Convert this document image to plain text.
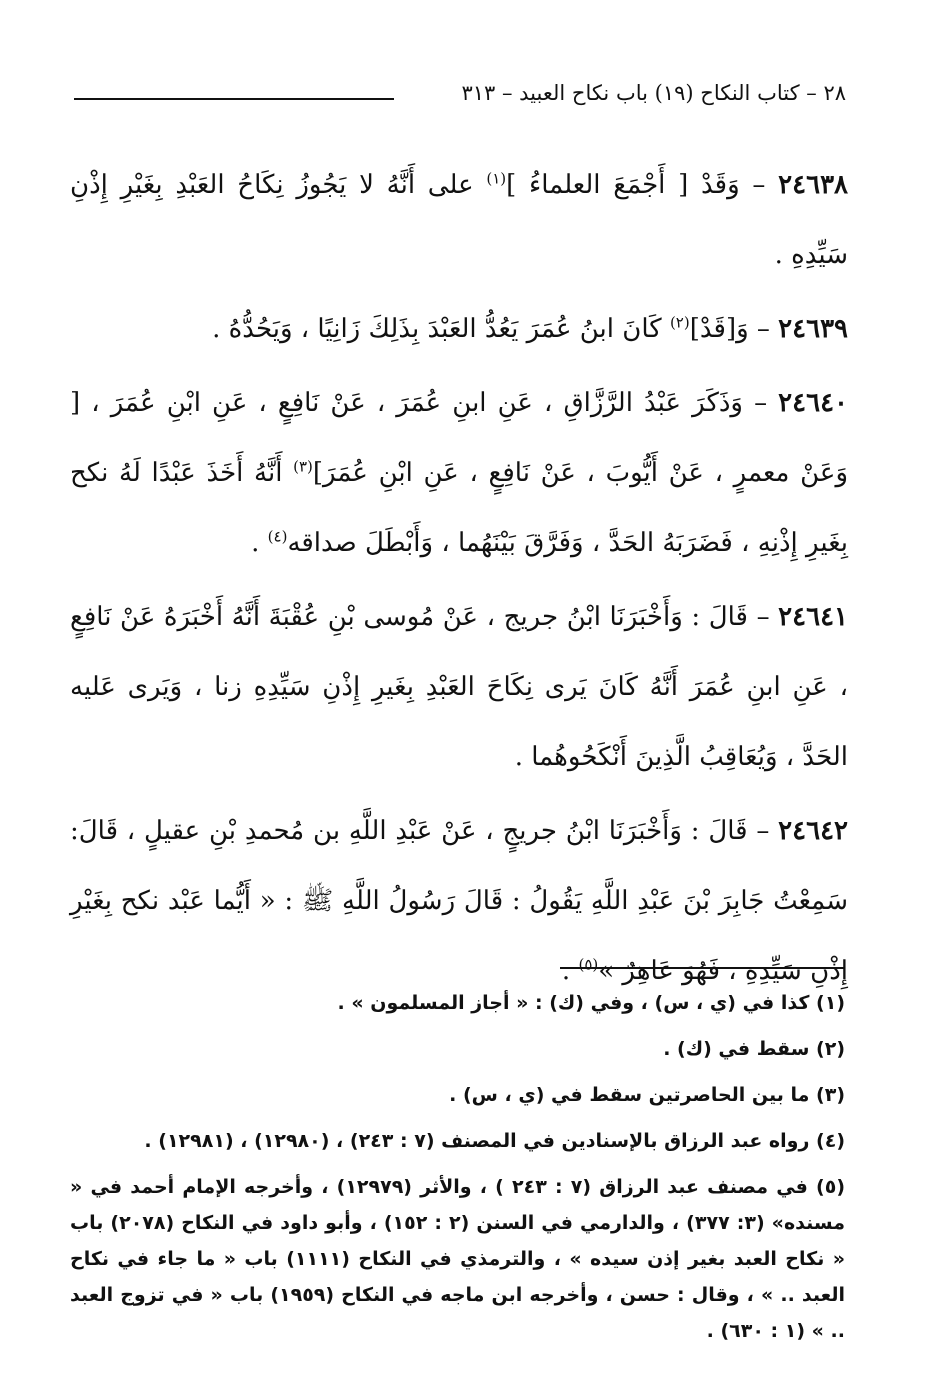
٢٨ – كتاب النكاح (١٩) باب نكاح العبيد – ٣١٣

٢٤٦٣٨ – وَقَدْ [ أَجْمَعَ العلماءُ ]$^{(١)}$ على أَنَّهُ لا يَجُوزُ نِكَاحُ العَبْدِ بِغَيْرِ إِذْنِ سَيِّدِهِ .

٢٤٦٣٩ – وَ[قَدْ]$^{(٢)}$ كَانَ ابنُ عُمَرَ يَعُدُّ العَبْدَ بِذَلِكَ زَانِيًا ، وَيَحُدُّهُ .

٢٤٦٤٠ – وَذَكَرَ عَبْدُ الرَّزَّاقِ ، عَنِ ابنِ عُمَرَ ، عَنْ نَافِعٍ ، عَنِ ابْنِ عُمَرَ ، [ وَعَنْ معمرٍ ، عَنْ أَيُّوبَ ، عَنْ نَافِعٍ ، عَنِ ابْنِ عُمَرَ]$^{(٣)}$ أَنَّهُ أَخَذَ عَبْدًا لَهُ نكح بِغَيرِ إِذْنِهِ ، فَضَرَبَهُ الحَدَّ ، وَفَرَّقَ بَيْنَهُما ، وَأَبْطَلَ صداقه$^{(٤)}$ .

٢٤٦٤١ – قَالَ : وَأَخْبَرَنَا ابْنُ جريج ، عَنْ مُوسى بْنِ عُقْبَةَ أَنَّهُ أَخْبَرَهُ عَنْ نَافِعٍ ، عَنِ ابنِ عُمَرَ أَنَّهُ كَانَ يَرى نِكَاحَ العَبْدِ بِغَيرِ إِذْنِ سَيِّدِهِ زنا ، وَيَرى عَليه الحَدَّ ، وَيُعَاقِبُ الَّذِينَ أَنْكَحُوهُما .

٢٤٦٤٢ – قَالَ : وَأَخْبَرَنَا ابْنُ جريجٍ ، عَنْ عَبْدِ اللَّهِ بن مُحمدِ بْنِ عقيلٍ ، قَالَ: سَمِعْتُ جَابِرَ بْنَ عَبْدِ اللَّهِ يَقُولُ : قَالَ رَسُولُ اللَّهِ ﷺ : « أَيُّما عَبْد نكح بِغَيْرِ إِذْنِ سَيِّدِهِ ، فَهُوَ عَاهِرٌ »$^{(٥)}$ .

(١) كذا في (ي ، س) ، وفي (ك) : « أجاز المسلمون » .

(٢) سقط في (ك) .

(٣) ما بين الحاصرتين سقط في (ي ، س) .

(٤) رواه عبد الرزاق بالإسنادين في المصنف (٧ : ٢٤٣) ، (١٢٩٨٠) ، (١٢٩٨١) .

(٥) في مصنف عبد الرزاق (٧ : ٢٤٣ ) ، والأثر (١٢٩٧٩) ، وأخرجه الإمام أحمد في « مسنده» (٣: ٣٧٧) ، والدارمي في السنن (٢ : ١٥٢) ، وأبو داود في النكاح (٢٠٧٨) باب « نكاح العبد بغير إذن سيده » ، والترمذي في النكاح (١١١١) باب « ما جاء في نكاح العبد .. » ، وقال : حسن ، وأخرجه ابن ماجه في النكاح (١٩٥٩) باب « في تزوج العبد .. » (١ : ٦٣٠) .
